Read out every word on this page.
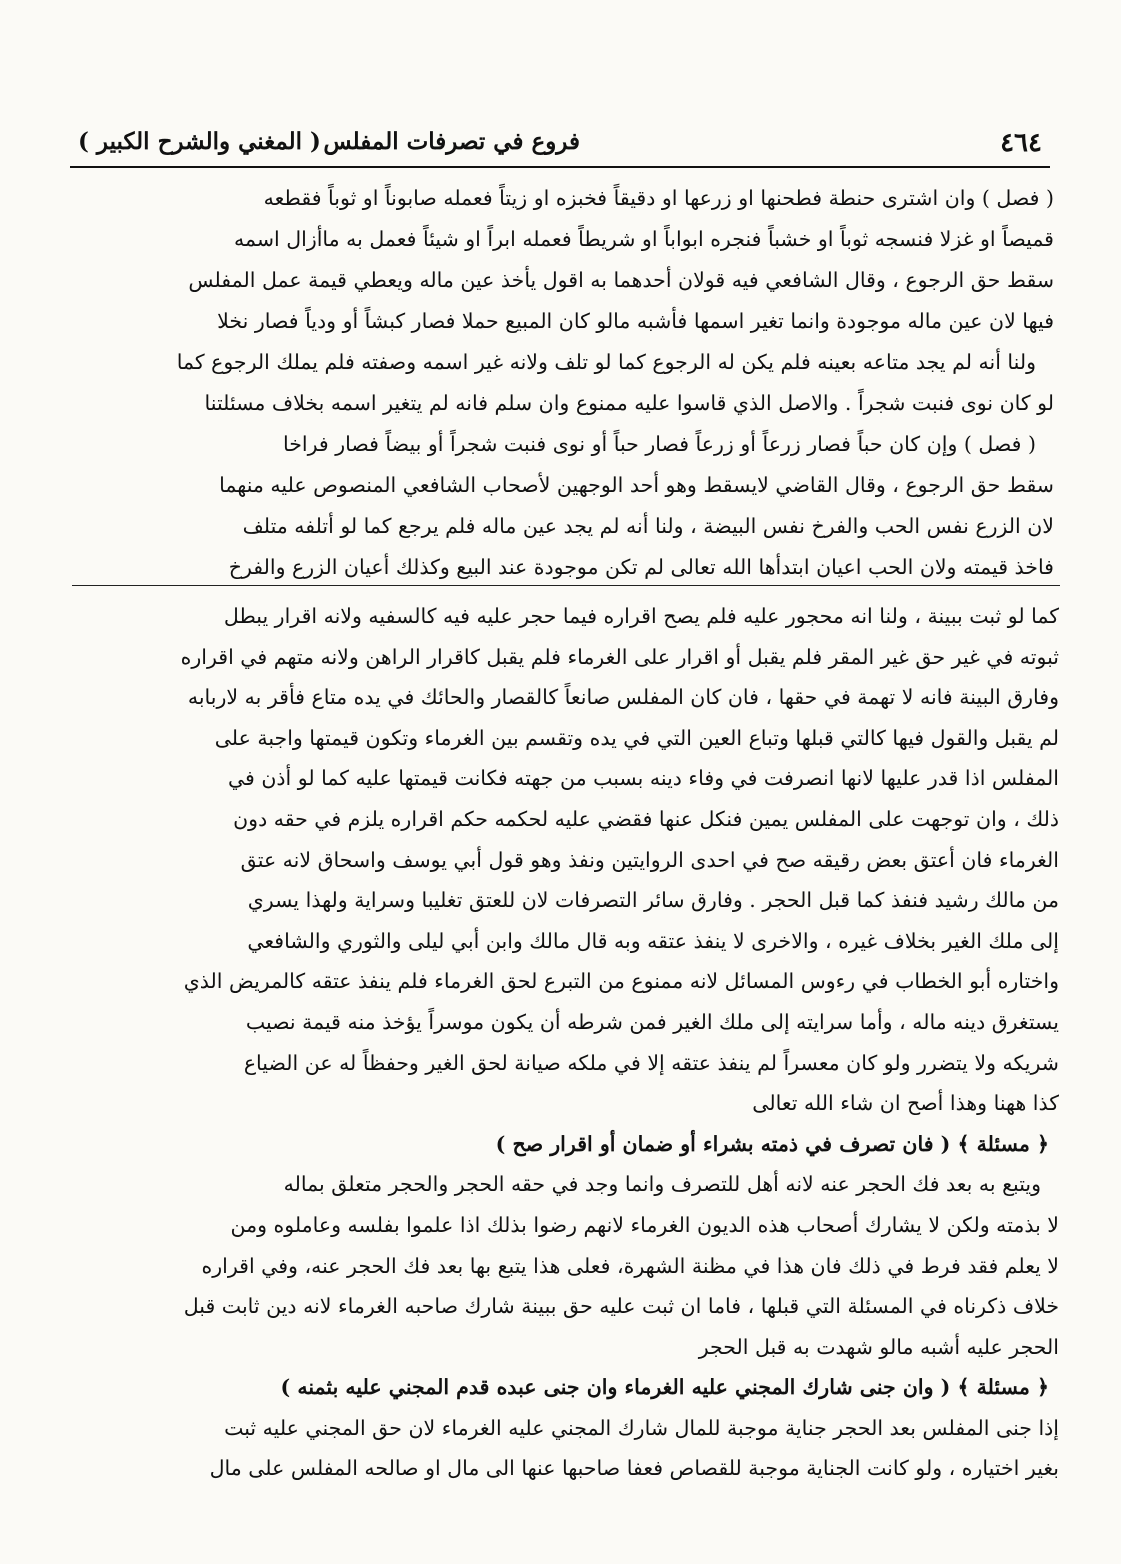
٤٦٤
فروع في تصرفات المفلس
( المغني والشرح الكبير )
( فصل ) وان اشترى حنطة فطحنها او زرعها او دقيقاً فخبزه او زيتاً فعمله صابوناً او ثوباً فقطعه
قميصاً او غزلا فنسجه ثوباً او خشباً فنجره ابواباً او شريطاً فعمله ابراً او شيئاً فعمل به ماأزال اسمه
سقط حق الرجوع ، وقال الشافعي فيه قولان أحدهما به اقول يأخذ عين ماله ويعطي قيمة عمل المفلس
فيها لان عين ماله موجودة وانما تغير اسمها فأشبه مالو كان المبيع حملا فصار كبشاً أو ودياً فصار نخلا
ولنا أنه لم يجد متاعه بعينه فلم يكن له الرجوع كما لو تلف ولانه غير اسمه وصفته فلم يملك الرجوع كما
لو كان نوى فنبت شجراً . والاصل الذي قاسوا عليه ممنوع وان سلم فانه لم يتغير اسمه بخلاف مسئلتنا
( فصل ) وإن كان حباً فصار زرعاً أو زرعاً فصار حباً أو نوى فنبت شجراً أو بيضاً فصار فراخا
سقط حق الرجوع ، وقال القاضي لايسقط وهو أحد الوجهين لأصحاب الشافعي المنصوص عليه منهما
لان الزرع نفس الحب والفرخ نفس البيضة ، ولنا أنه لم يجد عين ماله فلم يرجع كما لو أتلفه متلف
فاخذ قيمته ولان الحب اعيان ابتدأها الله تعالى لم تكن موجودة عند البيع وكذلك أعيان الزرع والفرخ
كما لو ثبت ببينة ، ولنا انه محجور عليه فلم يصح اقراره فيما حجر عليه فيه كالسفيه ولانه اقرار يبطل
ثبوته في غير حق غير المقر فلم يقبل أو اقرار على الغرماء فلم يقبل كاقرار الراهن ولانه متهم في اقراره
وفارق البينة فانه لا تهمة في حقها ، فان كان المفلس صانعاً كالقصار والحائك في يده متاع فأقر به لاربابه
لم يقبل والقول فيها كالتي قبلها وتباع العين التي في يده وتقسم بين الغرماء وتكون قيمتها واجبة على
المفلس اذا قدر عليها لانها انصرفت في وفاء دينه بسبب من جهته فكانت قيمتها عليه كما لو أذن في
ذلك ، وان توجهت على المفلس يمين فنكل عنها فقضي عليه لحكمه حكم اقراره يلزم في حقه دون
الغرماء فان أعتق بعض رقيقه صح في احدى الروايتين ونفذ وهو قول أبي يوسف واسحاق لانه عتق
من مالك رشيد فنفذ كما قبل الحجر . وفارق سائر التصرفات لان للعتق تغليبا وسراية ولهذا يسري
إلى ملك الغير بخلاف غيره ، والاخرى لا ينفذ عتقه وبه قال مالك وابن أبي ليلى والثوري والشافعي
واختاره أبو الخطاب في رءوس المسائل لانه ممنوع من التبرع لحق الغرماء فلم ينفذ عتقه كالمريض الذي
يستغرق دينه ماله ، وأما سرايته إلى ملك الغير فمن شرطه أن يكون موسراً يؤخذ منه قيمة نصيب
شريكه ولا يتضرر ولو كان معسراً لم ينفذ عتقه إلا في ملكه صيانة لحق الغير وحفظاً له عن الضياع
كذا ههنا وهذا أصح ان شاء الله تعالى
﴿ مسئلة ﴾ ( فان تصرف في ذمته بشراء أو ضمان أو اقرار صح )
ويتبع به بعد فك الحجر عنه لانه أهل للتصرف وانما وجد في حقه الحجر والحجر متعلق بماله
لا بذمته ولكن لا يشارك أصحاب هذه الديون الغرماء لانهم رضوا بذلك اذا علموا بفلسه وعاملوه ومن
لا يعلم فقد فرط في ذلك فان هذا في مظنة الشهرة، فعلى هذا يتبع بها بعد فك الحجر عنه، وفي اقراره
خلاف ذكرناه في المسئلة التي قبلها ، فاما ان ثبت عليه حق ببينة شارك صاحبه الغرماء لانه دين ثابت قبل
الحجر عليه أشبه مالو شهدت به قبل الحجر
﴿ مسئلة ﴾ ( وان جنى شارك المجني عليه الغرماء وان جنى عبده قدم المجني عليه بثمنه )
إذا جنى المفلس بعد الحجر جناية موجبة للمال شارك المجني عليه الغرماء لان حق المجني عليه ثبت
بغير اختياره ، ولو كانت الجناية موجبة للقصاص فعفا صاحبها عنها الى مال او صالحه المفلس على مال
